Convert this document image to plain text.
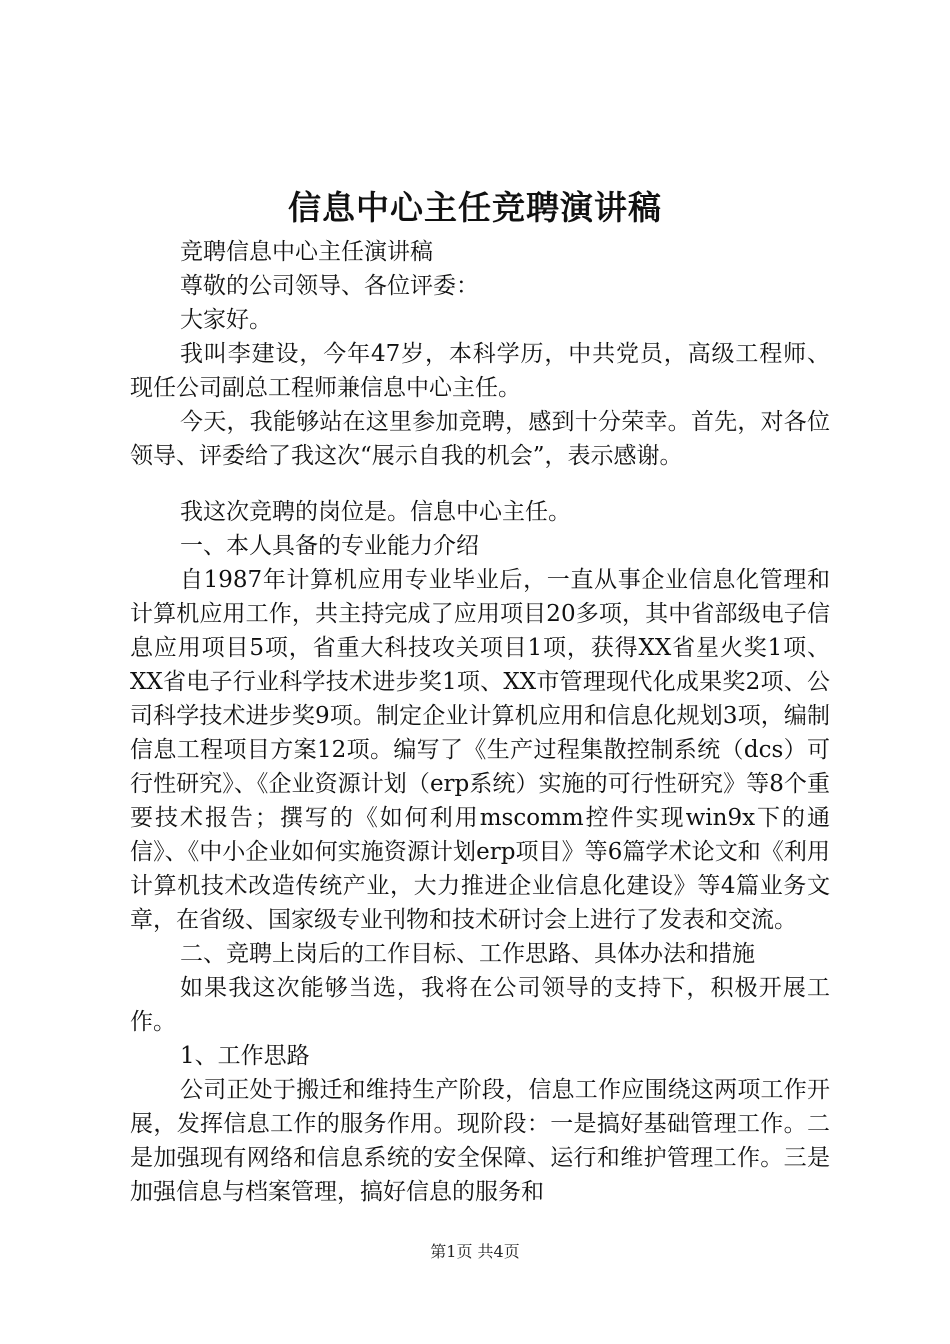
信息中心主任竞聘演讲稿

竞聘信息中心主任演讲稿

尊敬的公司领导、各位评委：

大家好。

我叫李建设，今年47岁，本科学历，中共党员，高级工程师、现任公司副总工程师兼信息中心主任。

今天，我能够站在这里参加竞聘，感到十分荣幸。首先，对各位领导、评委给了我这次“展示自我的机会”，表示感谢。

我这次竞聘的岗位是。信息中心主任。

一、本人具备的专业能力介绍

自1987年计算机应用专业毕业后，一直从事企业信息化管理和计算机应用工作，共主持完成了应用项目20多项，其中省部级电子信息应用项目5项，省重大科技攻关项目1项，获得XX省星火奖1项、XX省电子行业科学技术进步奖1项、XX市管理现代化成果奖2项、公司科学技术进步奖9项。制定企业计算机应用和信息化规划3项，编制信息工程项目方案12项。编写了《生产过程集散控制系统（dcs）可行性研究》、《企业资源计划（erp系统）实施的可行性研究》等8个重要技术报告；撰写的《如何利用mscomm控件实现win9x下的通信》、《中小企业如何实施资源计划erp项目》等6篇学术论文和《利用计算机技术改造传统产业，大力推进企业信息化建设》等4篇业务文章，在省级、国家级专业刊物和技术研讨会上进行了发表和交流。

二、竞聘上岗后的工作目标、工作思路、具体办法和措施

如果我这次能够当选，我将在公司领导的支持下，积极开展工作。

1、工作思路

公司正处于搬迁和维持生产阶段，信息工作应围绕这两项工作开展，发挥信息工作的服务作用。现阶段：一是搞好基础管理工作。二是加强现有网络和信息系统的安全保障、运行和维护管理工作。三是加强信息与档案管理，搞好信息的服务和

第1页 共4页
